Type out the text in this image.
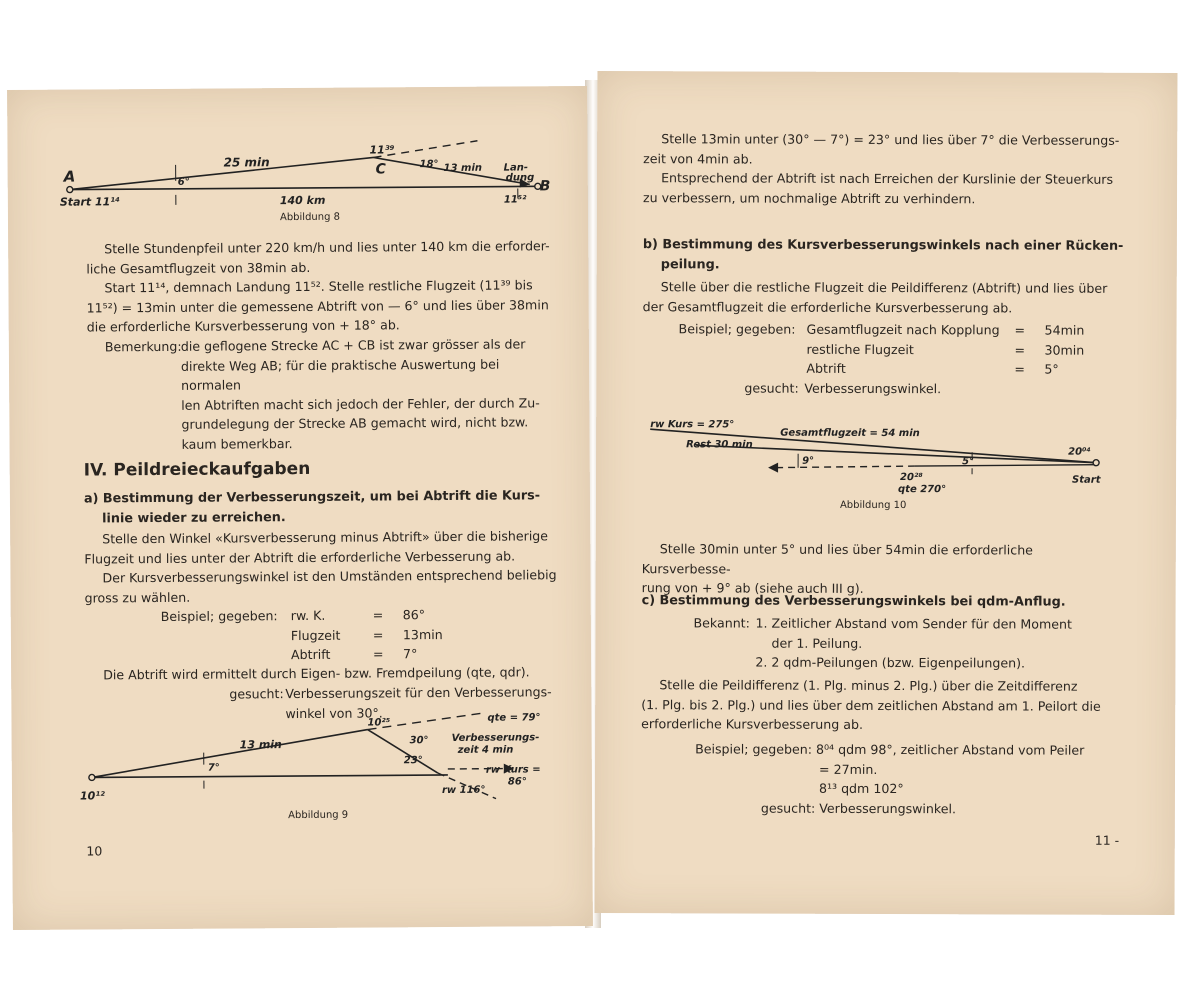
A
Start 11¹⁴
25 min
6°
140 km
11³⁹
C	18° 13 min Lan-
dung
B
11⁵²
Abbildung 8

Stelle Stundenpfeil unter 220 km/h und lies unter 140 km die erforder-

liche Gesamtflugzeit von 38min ab.

Start 11¹⁴, demnach Landung 11⁵². Stelle restliche Flugzeit (11³⁹ bis

11⁵²) = 13min unter die gemessene Abtrift von — 6° und lies über 38min

die erforderliche Kursverbesserung von + 18° ab.

Bemerkung: die geflogene Strecke AC + CB ist zwar grösser als der

direkte Weg AB; für die praktische Auswertung bei normalen

len Abtriften macht sich jedoch der Fehler, der durch Zu-

grundelegung der Strecke AB gemacht wird, nicht bzw.

kaum bemerkbar.

IV. Peildreieckaufgaben

a) Bestimmung der Verbesserungszeit, um bei Abtrift die Kurs-

linie wieder zu erreichen.

Stelle den Winkel «Kursverbesserung minus Abtrift» über die bisherige

Flugzeit und lies unter der Abtrift die erforderliche Verbesserung ab.

Der Kursverbesserungswinkel ist den Umständen entsprechend beliebig

gross zu wählen.

Beispiel; gegeben:	rw. K.	=	86°
Flugzeit	=	13min
Abtrift	=	7°
Die Abtrift wird ermittelt durch Eigen- bzw. Fremdpeilung (qte, qdr).
gesucht: Verbesserungszeit für den Verbesserungs-

winkel von 30°.

10¹²
13 min
7°
10²⁵	qte = 79°
30° Verbesserungs-
zeit 4 min
23°
rw Kurs =
86°
rw 116°
Abbildung 9
10

Stelle 13min unter (30° — 7°) = 23° und lies über 7° die Verbesserungs-

zeit von 4min ab.

Entsprechend der Abtrift ist nach Erreichen der Kurslinie der Steuerkurs

zu verbessern, um nochmalige Abtrift zu verhindern.

b) Bestimmung des Kursverbesserungswinkels nach einer Rücken-

peilung.

Stelle über die restliche Flugzeit die Peildifferenz (Abtrift) und lies über

der Gesamtflugzeit die erforderliche Kursverbesserung ab.

Beispiel; gegeben: Gesamtflugzeit nach Kopplung	=	54min
restliche Flugzeit	=	30min
Abtrift	=	5°
gesucht: Verbesserungswinkel.
rw Kurs = 275°
Gesamtflugzeit = 54 min
Rest 30 min
9°	5°
20²⁸
qte 270°
20⁰⁴
Start
Abbildung 10

Stelle 30min unter 5° und lies über 54min die erforderliche Kursverbesse-

rung von + 9° ab (siehe auch III g).

c) Bestimmung des Verbesserungswinkels bei qdm-Anflug.
Bekannt: 1. Zeitlicher Abstand vom Sender für den Moment

der 1. Peilung.

2. 2 qdm-Peilungen (bzw. Eigenpeilungen).

Stelle die Peildifferenz (1. Plg. minus 2. Plg.) über die Zeitdifferenz

(1. Plg. bis 2. Plg.) und lies über dem zeitlichen Abstand am 1. Peilort die

erforderliche Kursverbesserung ab.

Beispiel; gegeben: 8⁰⁴ qdm 98°, zeitlicher Abstand vom Peiler

= 27min.

8¹³ qdm 102°

gesucht: Verbesserungswinkel.

11 -
